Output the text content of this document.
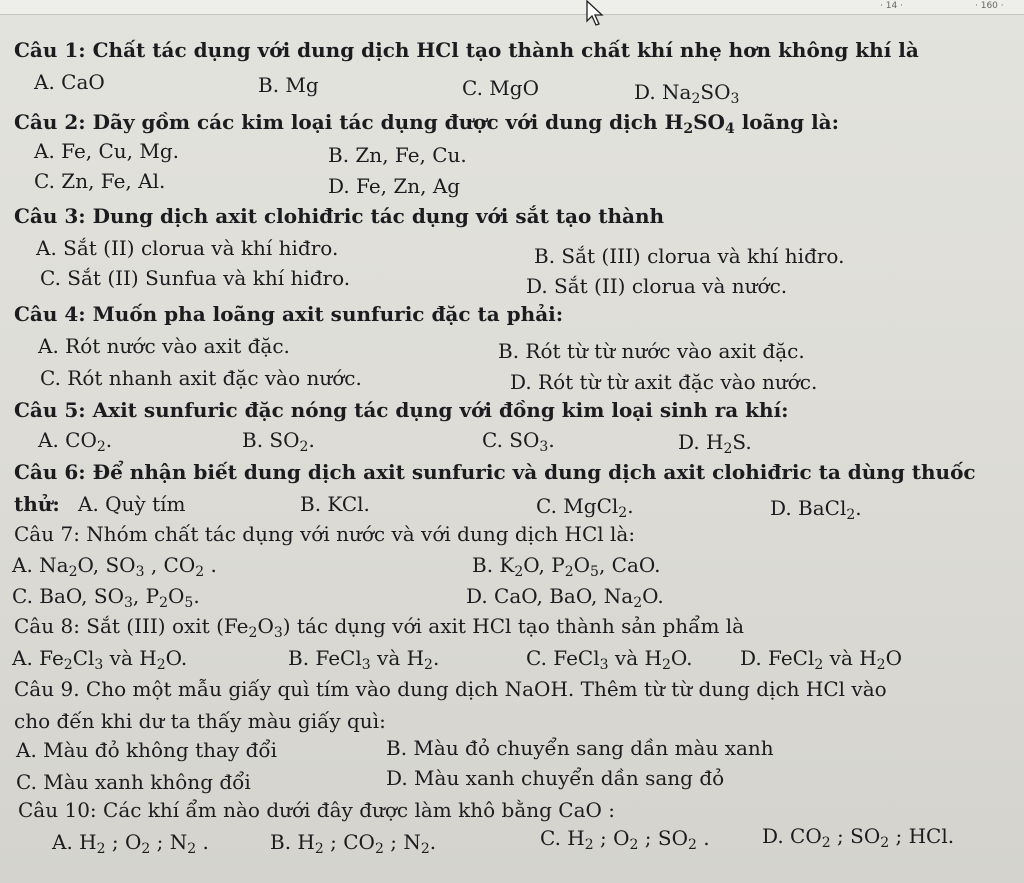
· 14 ·	· 160 ·
Câu 1: Chất tác dụng với dung dịch HCl tạo thành chất khí nhẹ hơn không khí là
A. CaO	B. Mg	C. MgO	D. $Na_2SO_3$
Câu 2: Dãy gồm các kim loại tác dụng được với dung dịch $H_2SO_4$ loãng là:
A. Fe, Cu, Mg.	B. Zn, Fe, Cu.
C. Zn, Fe, Al.	D. Fe, Zn, Ag
Câu 3: Dung dịch axit clohiđric tác dụng với sắt tạo thành
A. Sắt (II) clorua và khí hiđro.	B. Sắt (III) clorua và khí hiđro.
C. Sắt (II) Sunfua và khí hiđro.	D. Sắt (II) clorua và nước.
Câu 4: Muốn pha loãng axit sunfuric đặc ta phải:
A. Rót nước vào axit đặc.	B. Rót từ từ nước vào axit đặc.
C. Rót nhanh axit đặc vào nước.	D. Rót từ từ axit đặc vào nước.
Câu 5: Axit sunfuric đặc nóng tác dụng với đồng kim loại sinh ra khí:
A. $CO_2$.	B. $SO_2$.	C. $SO_3$.	D. $H_2S$.
Câu 6: Để nhận biết dung dịch axit sunfuric và dung dịch axit clohiđric ta dùng thuốc
thử: A. Quỳ tím	B. KCl.	C. MgCl$_2$.	D. BaCl$_2$.
Câu 7: Nhóm chất tác dụng với nước và với dung dịch HCl là:
A. $Na_2O$, $SO_3$ , $CO_2$ .	B. $K_2O$, $P_2O_5$, CaO.
C. BaO, $SO_3$, $P_2O_5$.	D. CaO, BaO, $Na_2O$.
Câu 8: Sắt (III) oxit $(Fe_2O_3)$ tác dụng với axit HCl tạo thành sản phẩm là
A. $Fe_2Cl_3$ và $H_2O$.	B. FeCl$_3$ và $H_2$.	C. FeCl$_3$ và $H_2O$. D. FeCl$_2$ và $H_2O$
Câu 9. Cho một mẫu giấy quì tím vào dung dịch NaOH. Thêm từ từ dung dịch HCl vào
cho đến khi dư ta thấy màu giấy quì:
A. Màu đỏ không thay đổi	B. Màu đỏ chuyển sang dần màu xanh
C. Màu xanh không đổi	D. Màu xanh chuyển dần sang đỏ
Câu 10: Các khí ẩm nào dưới đây được làm khô bằng CaO :
A. $H_2$ ; $O_2$ ; $N_2$ .	B. $H_2$ ; $CO_2$ ; $N_2$.	C. $H_2$ ; $O_2$ ; $SO_2$ .	D. $CO_2$ ; $SO_2$ ; HCl.
